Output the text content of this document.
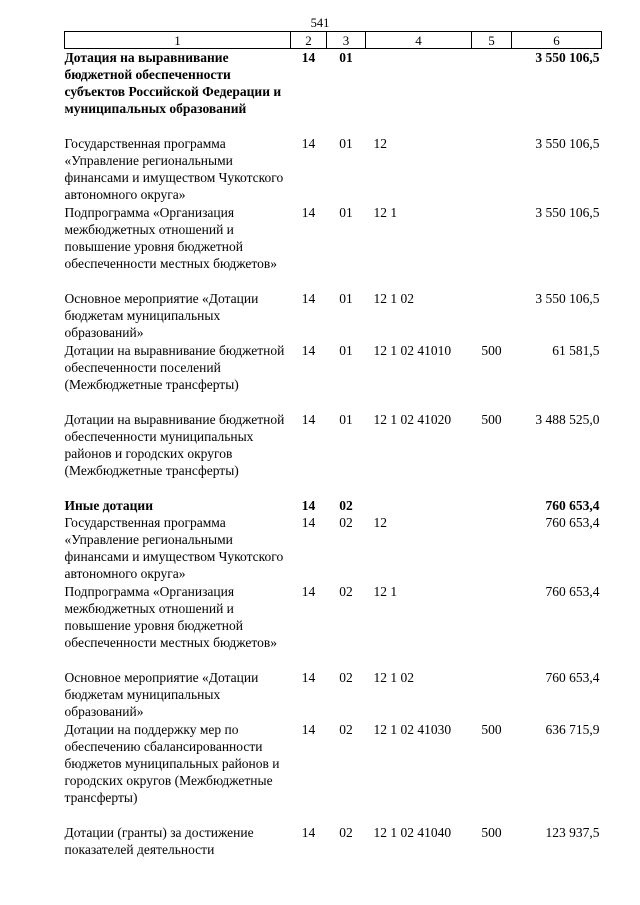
541
1	2	3	4	5	6
Дотация на выравнивание бюджетной обеспеченности субъектов Российской Федерации и муниципальных образований	14	01			3 550 106,5
Государственная программа «Управление региональными финансами и имуществом Чукотского автономного округа»	14	01	12		3 550 106,5
Подпрограмма «Организация межбюджетных отношений и повышение уровня бюджетной обеспеченности местных бюджетов»	14	01	12 1		3 550 106,5
Основное мероприятие «Дотации бюджетам муниципальных образований»	14	01	12 1 02		3 550 106,5
Дотации на выравнивание бюджетной обеспеченности поселений (Межбюджетные трансферты)	14	01	12 1 02 41010	500	61 581,5
Дотации на выравнивание бюджетной обеспеченности муниципальных районов и городских округов (Межбюджетные трансферты)	14	01	12 1 02 41020	500	3 488 525,0
Иные дотации	14	02			760 653,4
Государственная программа «Управление региональными финансами и имуществом Чукотского автономного округа»	14	02	12		760 653,4
Подпрограмма «Организация межбюджетных отношений и повышение уровня бюджетной обеспеченности местных бюджетов»	14	02	12 1		760 653,4
Основное мероприятие «Дотации бюджетам муниципальных образований»	14	02	12 1 02		760 653,4
Дотации на поддержку мер по обеспечению сбалансированности бюджетов муниципальных районов и городских округов (Межбюджетные трансферты)	14	02	12 1 02 41030	500	636 715,9
Дотации (гранты) за достижение показателей деятельности	14	02	12 1 02 41040	500	123 937,5
